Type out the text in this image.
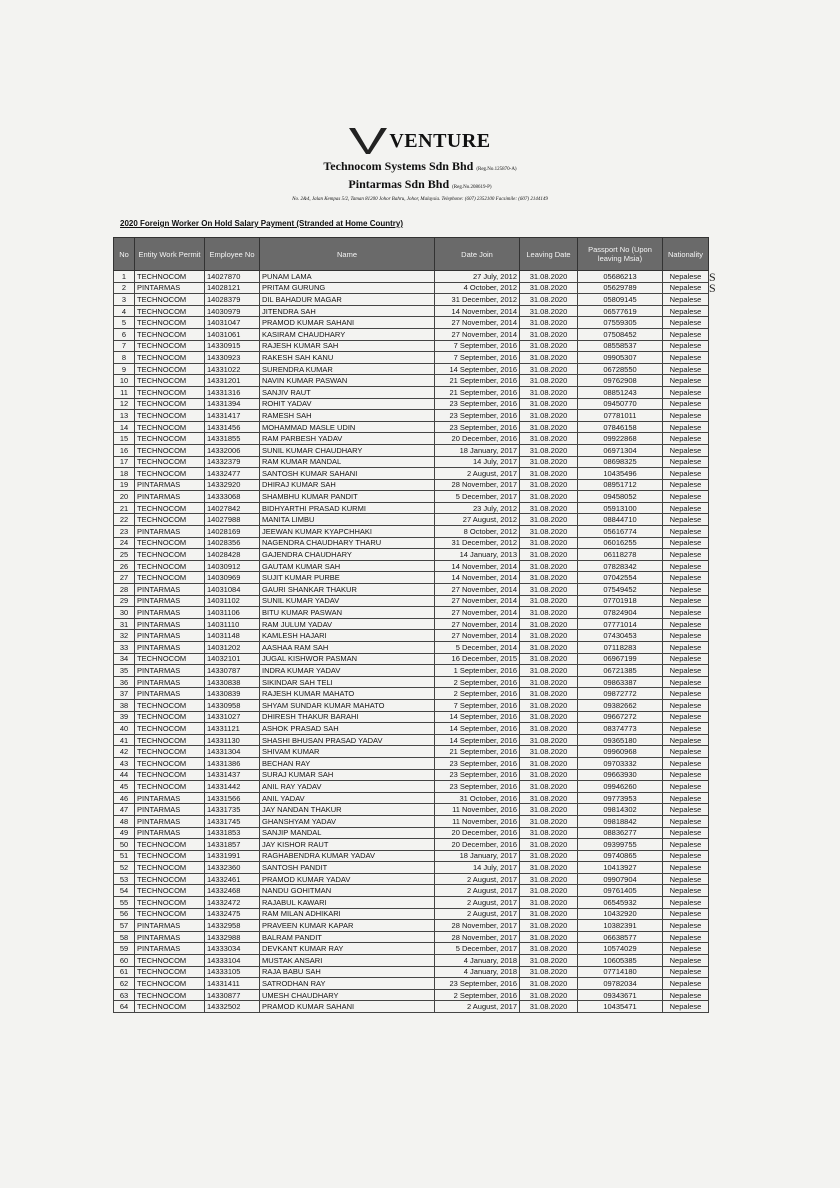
VENTURE
Technocom Systems Sdn Bhd (Reg.No.125870-A)
Pintarmas Sdn Bhd (Reg.No.208619-P)
No. 2&4, Jalan Kempas 5/2, Taman 81200 Johor Bahru, Johor, Malaysia. Telephone: (607) 2352100 Facsimile: (607) 2144149
2020 Foreign Worker On Hold Salary Payment (Stranded at Home Country)
No	Entity Work Permit	Employee No	Name	Date Join	Leaving Date	Passport No (Upon leaving Msia)	Nationality
1	TECHNOCOM	14027870	PUNAM LAMA	27 July, 2012	31.08.2020	05686213	Nepalese
2	PINTARMAS	14028121	PRITAM GURUNG	4 October, 2012	31.08.2020	05629789	Nepalese
3	TECHNOCOM	14028379	DIL BAHADUR MAGAR	31 December, 2012	31.08.2020	05809145	Nepalese
4	TECHNOCOM	14030979	JITENDRA SAH	14 November, 2014	31.08.2020	06577619	Nepalese
5	TECHNOCOM	14031047	PRAMOD KUMAR SAHANI	27 November, 2014	31.08.2020	07559305	Nepalese
6	TECHNOCOM	14031061	KASIRAM CHAUDHARY	27 November, 2014	31.08.2020	07508452	Nepalese
7	TECHNOCOM	14330915	RAJESH KUMAR SAH	7 September, 2016	31.08.2020	08558537	Nepalese
8	TECHNOCOM	14330923	RAKESH SAH KANU	7 September, 2016	31.08.2020	09905307	Nepalese
9	TECHNOCOM	14331022	SURENDRA KUMAR	14 September, 2016	31.08.2020	06728550	Nepalese
10	TECHNOCOM	14331201	NAVIN KUMAR PASWAN	21 September, 2016	31.08.2020	09762908	Nepalese
11	TECHNOCOM	14331316	SANJIV RAUT	21 September, 2016	31.08.2020	08851243	Nepalese
12	TECHNOCOM	14331394	ROHIT YADAV	23 September, 2016	31.08.2020	09450770	Nepalese
13	TECHNOCOM	14331417	RAMESH SAH	23 September, 2016	31.08.2020	07781011	Nepalese
14	TECHNOCOM	14331456	MOHAMMAD MASLE UDIN	23 September, 2016	31.08.2020	07846158	Nepalese
15	TECHNOCOM	14331855	RAM PARBESH YADAV	20 December, 2016	31.08.2020	09922868	Nepalese
16	TECHNOCOM	14332006	SUNIL KUMAR CHAUDHARY	18 January, 2017	31.08.2020	06971304	Nepalese
17	TECHNOCOM	14332379	RAM KUMAR MANDAL	14 July, 2017	31.08.2020	08698325	Nepalese
18	TECHNOCOM	14332477	SANTOSH KUMAR SAHANI	2 August, 2017	31.08.2020	10435496	Nepalese
19	PINTARMAS	14332920	DHIRAJ KUMAR SAH	28 November, 2017	31.08.2020	08951712	Nepalese
20	PINTARMAS	14333068	SHAMBHU KUMAR PANDIT	5 December, 2017	31.08.2020	09458052	Nepalese
21	TECHNOCOM	14027842	BIDHYARTHI PRASAD KURMI	23 July, 2012	31.08.2020	05913100	Nepalese
22	TECHNOCOM	14027988	MANITA LIMBU	27 August, 2012	31.08.2020	08844710	Nepalese
23	PINTARMAS	14028169	JEEWAN KUMAR KYAPCHHAKI	8 October, 2012	31.08.2020	05616774	Nepalese
24	TECHNOCOM	14028356	NAGENDRA CHAUDHARY THARU	31 December, 2012	31.08.2020	06016255	Nepalese
25	TECHNOCOM	14028428	GAJENDRA CHAUDHARY	14 January, 2013	31.08.2020	06118278	Nepalese
26	TECHNOCOM	14030912	GAUTAM KUMAR SAH	14 November, 2014	31.08.2020	07828342	Nepalese
27	TECHNOCOM	14030969	SUJIT KUMAR PURBE	14 November, 2014	31.08.2020	07042554	Nepalese
28	PINTARMAS	14031084	GAURI SHANKAR THAKUR	27 November, 2014	31.08.2020	07549452	Nepalese
29	PINTARMAS	14031102	SUNIL KUMAR YADAV	27 November, 2014	31.08.2020	07701918	Nepalese
30	PINTARMAS	14031106	BITU KUMAR PASWAN	27 November, 2014	31.08.2020	07824904	Nepalese
31	PINTARMAS	14031110	RAM JULUM YADAV	27 November, 2014	31.08.2020	07771014	Nepalese
32	PINTARMAS	14031148	KAMLESH HAJARI	27 November, 2014	31.08.2020	07430453	Nepalese
33	PINTARMAS	14031202	AASHAA RAM SAH	5 December, 2014	31.08.2020	07118283	Nepalese
34	TECHNOCOM	14032101	JUGAL KISHWOR PASMAN	16 December, 2015	31.08.2020	06967199	Nepalese
35	PINTARMAS	14330787	INDRA KUMAR YADAV	1 September, 2016	31.08.2020	06721385	Nepalese
36	PINTARMAS	14330838	SIKINDAR SAH TELI	2 September, 2016	31.08.2020	09863387	Nepalese
37	PINTARMAS	14330839	RAJESH KUMAR MAHATO	2 September, 2016	31.08.2020	09872772	Nepalese
38	TECHNOCOM	14330958	SHYAM SUNDAR KUMAR MAHATO	7 September, 2016	31.08.2020	09382662	Nepalese
39	TECHNOCOM	14331027	DHIRESH THAKUR BARAHI	14 September, 2016	31.08.2020	09667272	Nepalese
40	TECHNOCOM	14331121	ASHOK PRASAD SAH	14 September, 2016	31.08.2020	08374773	Nepalese
41	TECHNOCOM	14331130	SHASHI BHUSAN PRASAD YADAV	14 September, 2016	31.08.2020	09365180	Nepalese
42	TECHNOCOM	14331304	SHIVAM KUMAR	21 September, 2016	31.08.2020	09960968	Nepalese
43	TECHNOCOM	14331386	BECHAN RAY	23 September, 2016	31.08.2020	09703332	Nepalese
44	TECHNOCOM	14331437	SURAJ KUMAR SAH	23 September, 2016	31.08.2020	09663930	Nepalese
45	TECHNOCOM	14331442	ANIL RAY YADAV	23 September, 2016	31.08.2020	09946260	Nepalese
46	PINTARMAS	14331566	ANIL YADAV	31 October, 2016	31.08.2020	09773953	Nepalese
47	PINTARMAS	14331735	JAY NANDAN THAKUR	11 November, 2016	31.08.2020	09814302	Nepalese
48	PINTARMAS	14331745	GHANSHYAM YADAV	11 November, 2016	31.08.2020	09818842	Nepalese
49	PINTARMAS	14331853	SANJIP MANDAL	20 December, 2016	31.08.2020	08836277	Nepalese
50	TECHNOCOM	14331857	JAY KISHOR RAUT	20 December, 2016	31.08.2020	09399755	Nepalese
51	TECHNOCOM	14331991	RAGHABENDRA KUMAR YADAV	18 January, 2017	31.08.2020	09740865	Nepalese
52	TECHNOCOM	14332360	SANTOSH PANDIT	14 July, 2017	31.08.2020	10413927	Nepalese
53	TECHNOCOM	14332461	PRAMOD KUMAR YADAV	2 August, 2017	31.08.2020	09907904	Nepalese
54	TECHNOCOM	14332468	NANDU GOHITMAN	2 August, 2017	31.08.2020	09761405	Nepalese
55	TECHNOCOM	14332472	RAJABUL KAWARI	2 August, 2017	31.08.2020	06545932	Nepalese
56	TECHNOCOM	14332475	RAM MILAN ADHIKARI	2 August, 2017	31.08.2020	10432920	Nepalese
57	PINTARMAS	14332958	PRAVEEN KUMAR KAPAR	28 November, 2017	31.08.2020	10382391	Nepalese
58	PINTARMAS	14332988	BALRAM PANDIT	28 November, 2017	31.08.2020	06638577	Nepalese
59	PINTARMAS	14333034	DEVKANT KUMAR RAY	5 December, 2017	31.08.2020	10574029	Nepalese
60	TECHNOCOM	14333104	MUSTAK ANSARI	4 January, 2018	31.08.2020	10605385	Nepalese
61	TECHNOCOM	14333105	RAJA BABU SAH	4 January, 2018	31.08.2020	07714180	Nepalese
62	TECHNOCOM	14331411	SATRODHAN RAY	23 September, 2016	31.08.2020	09782034	Nepalese
63	TECHNOCOM	14330877	UMESH CHAUDHARY	2 September, 2016	31.08.2020	09343671	Nepalese
64	TECHNOCOM	14332502	PRAMOD KUMAR SAHANI	2 August, 2017	31.08.2020	10435471	Nepalese
S
S
